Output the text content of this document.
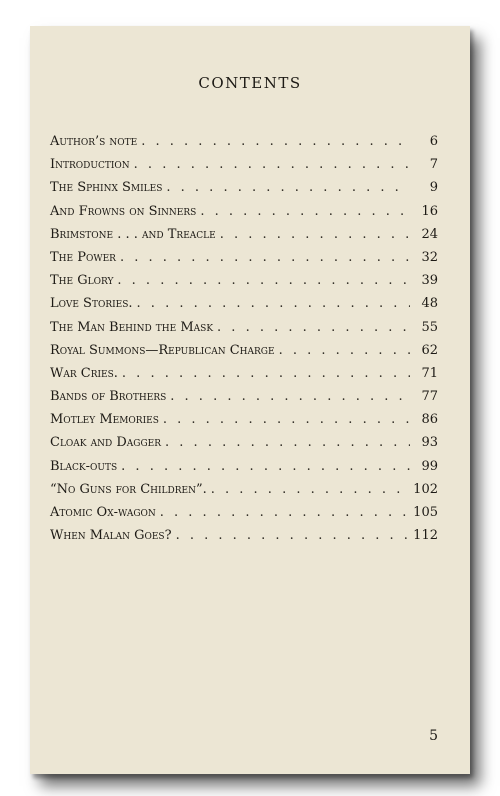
CONTENTS
Author’s note . . .	6
Introduction . . .	7
The Sphinx Smiles . . .	9
And Frowns on Sinners . . .	16
Brimstone . . . and Treacle . . .	24
The Power . . .	32
The Glory . . .	39
Love Stories. . . .	48
The Man Behind the Mask . . .	55
Royal Summons—Republican Charge . . .	62
War Cries. . . .	71
Bands of Brothers . . .	77
Motley Memories . . .	86
Cloak and Dagger . . .	93
Black-outs . . .	99
“No Guns for Children”. . . .	102
Atomic Ox-wagon . . .	105
When Malan Goes? . . .	112
5
